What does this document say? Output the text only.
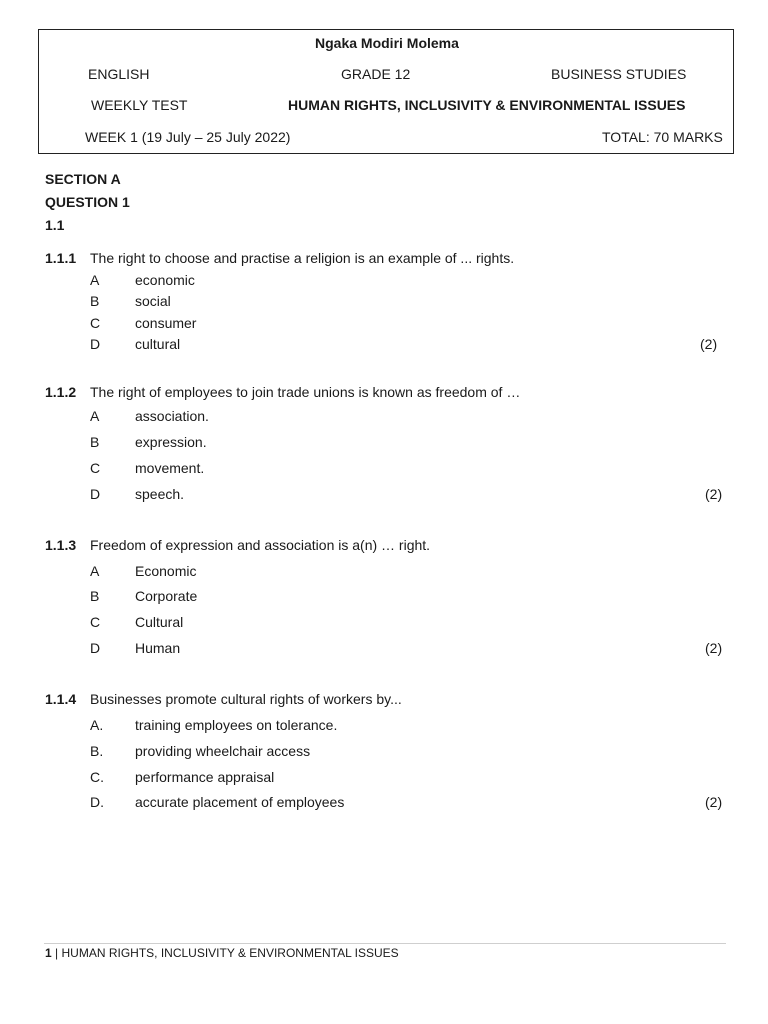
Ngaka Modiri Molema
ENGLISH	GRADE 12	BUSINESS STUDIES
WEEKLY TEST	HUMAN RIGHTS, INCLUSIVITY & ENVIRONMENTAL ISSUES
WEEK 1 (19 July – 25 July 2022)	TOTAL: 70 MARKS
SECTION A
QUESTION 1
1.1
1.1.1 The right to choose and practise a religion is an example of ... rights.
A	economic
B	social
C consumer
D cultural	(2)
1.1.2 The right of employees to join trade unions is known as freedom of …
A	association.
B	expression.
C movement.
D speech.	(2)
1.1.3 Freedom of expression and association is a(n) … right.
A	Economic
B	Corporate
C Cultural
D Human	(2)
1.1.4 Businesses promote cultural rights of workers by...
A. training employees on tolerance.
B. providing wheelchair access
C. performance appraisal
D. accurate placement of employees	(2)
1 | HUMAN RIGHTS, INCLUSIVITY & ENVIRONMENTAL ISSUES
